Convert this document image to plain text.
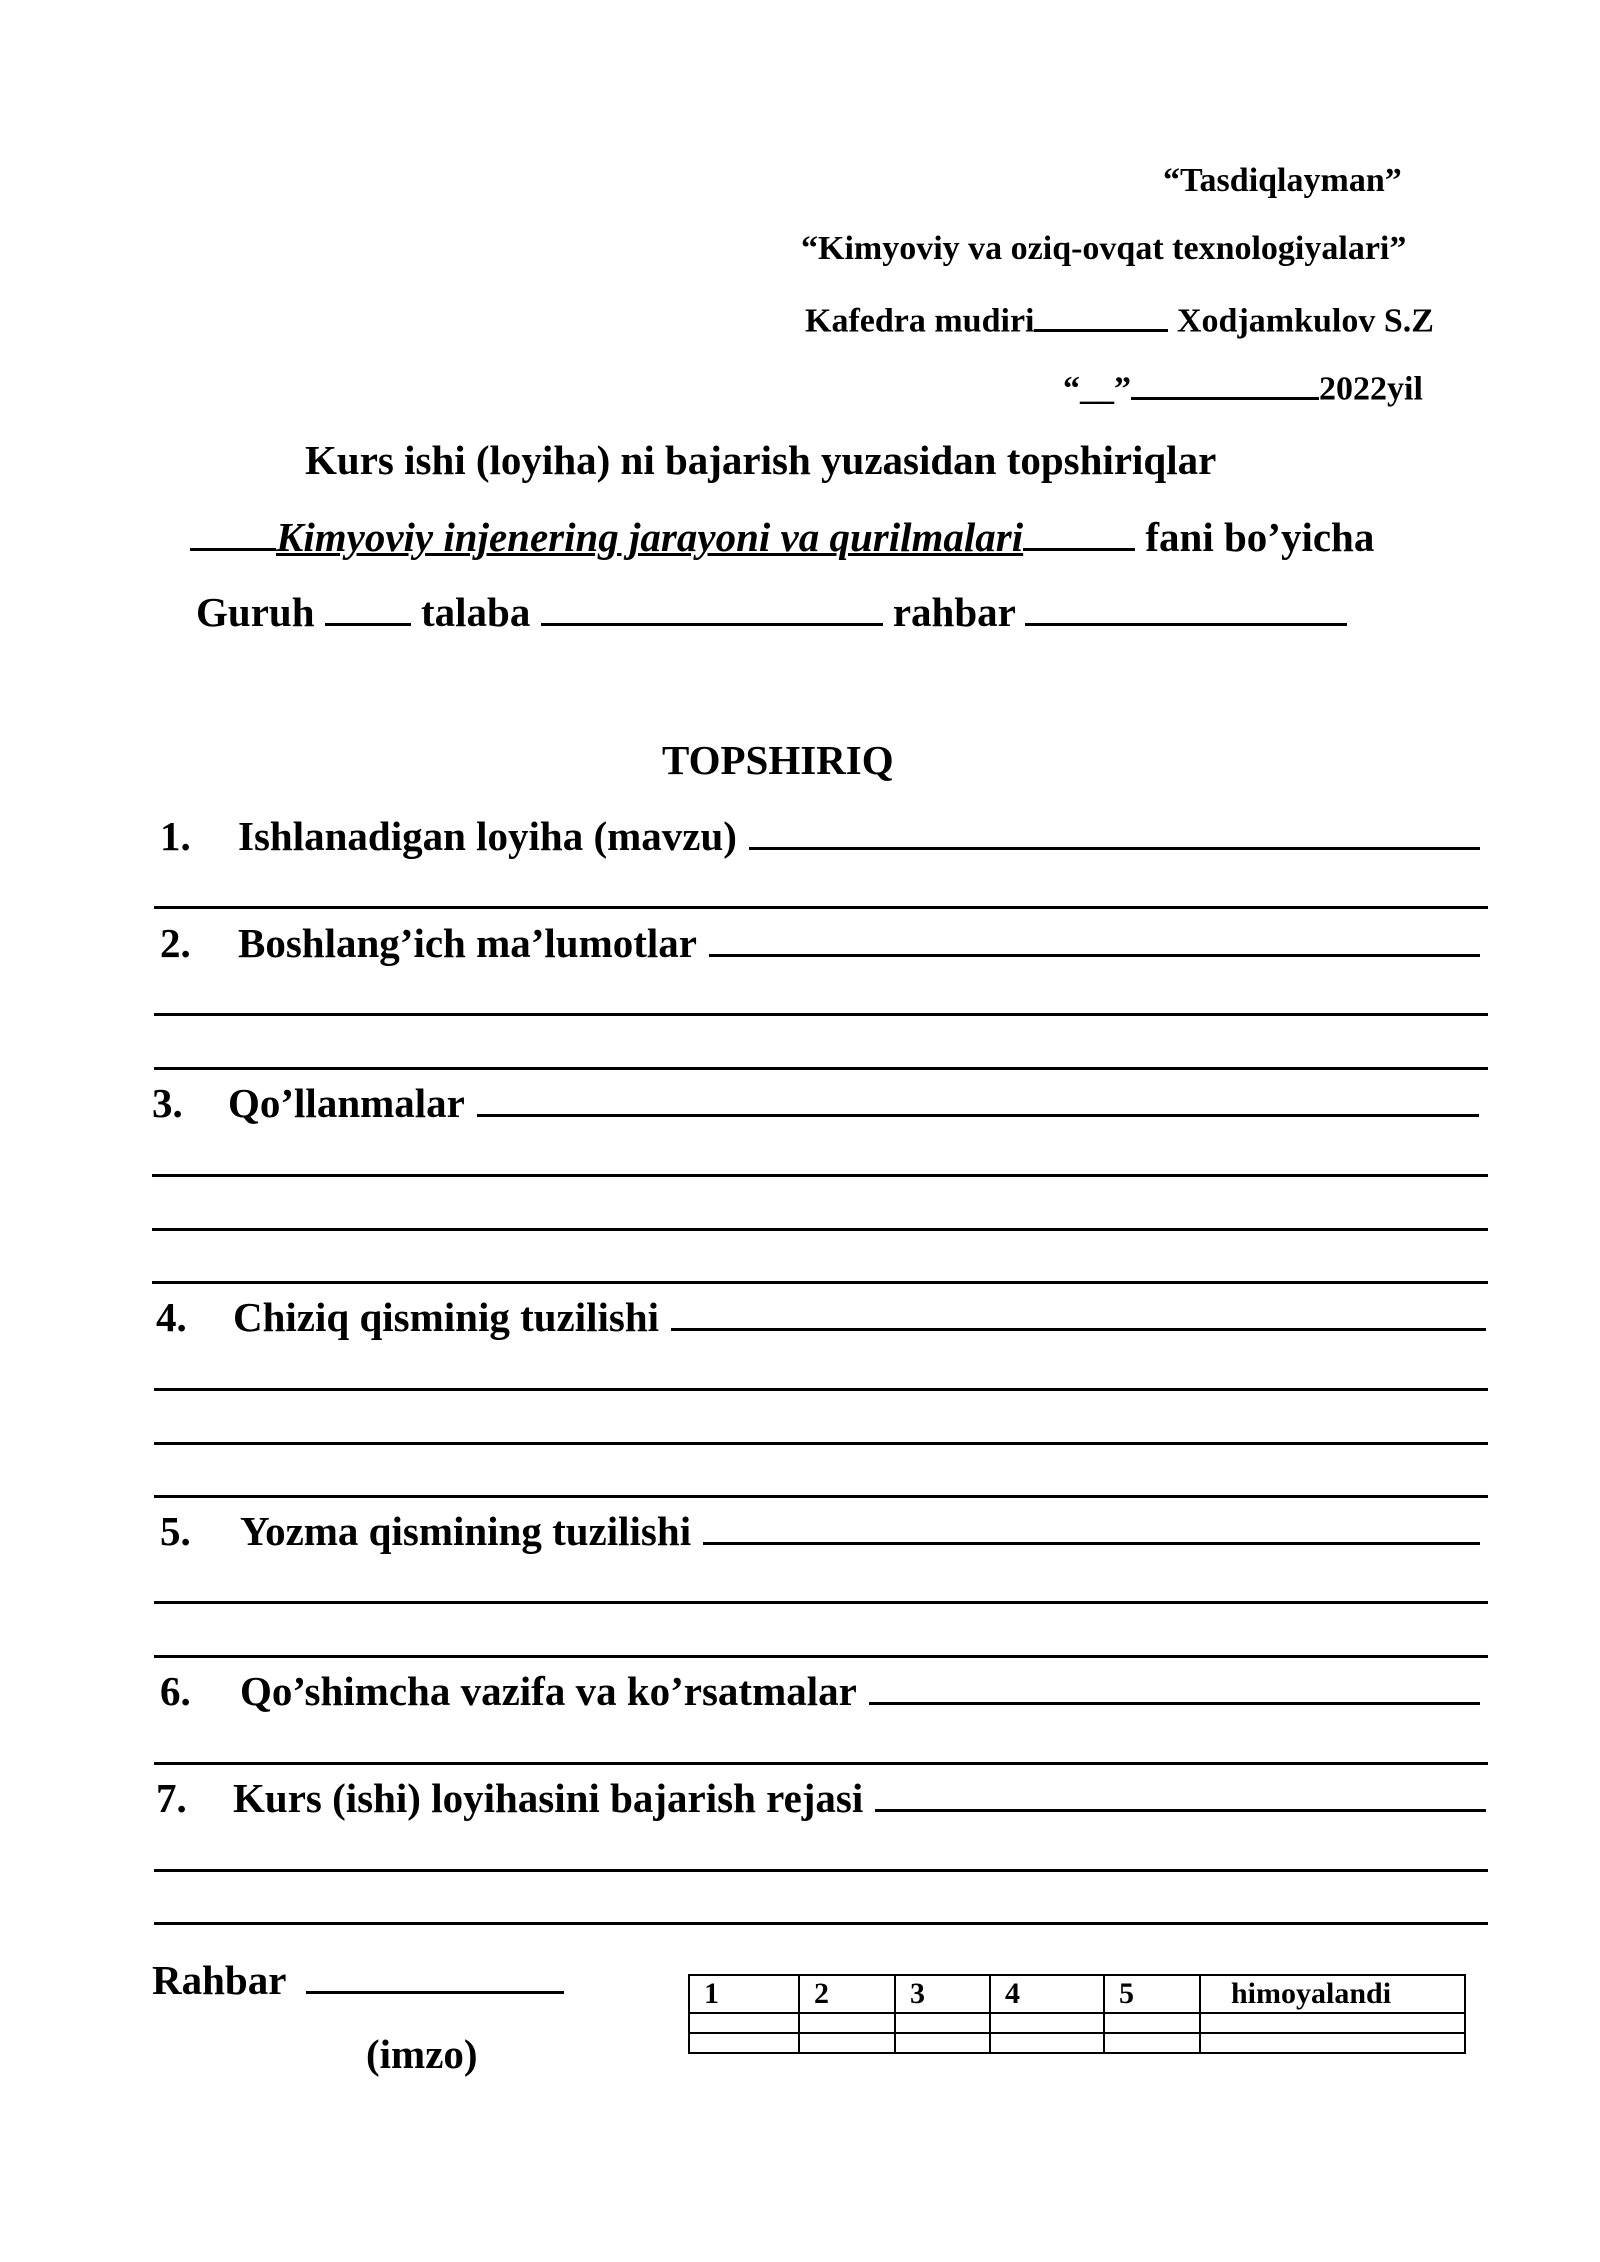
“Tasdiqlayman”
“Kimyoviy va oziq-ovqat texnologiyalari”
Kafedra mudiri	Xodjamkulov S.Z
“__”	2022yil
Kurs ishi (loyiha) ni bajarish yuzasidan topshiriqlar
Kimyoviy injenering jarayoni va qurilmalari	fani bo’yicha
Guruh	talaba	rahbar
TOPSHIRIQ
1.	Ishlanadigan loyiha (mavzu)
2.	Boshlang’ich ma’lumotlar
3.	Qo’llanmalar
4.	Chiziq qisminig tuzilishi
5.	Yozma qismining tuzilishi
6.	Qo’shimcha vazifa va ko’rsatmalar
7.	Kurs (ishi) loyihasini bajarish rejasi
Rahbar
(imzo)
1	2	3	4	5	himoyalandi
